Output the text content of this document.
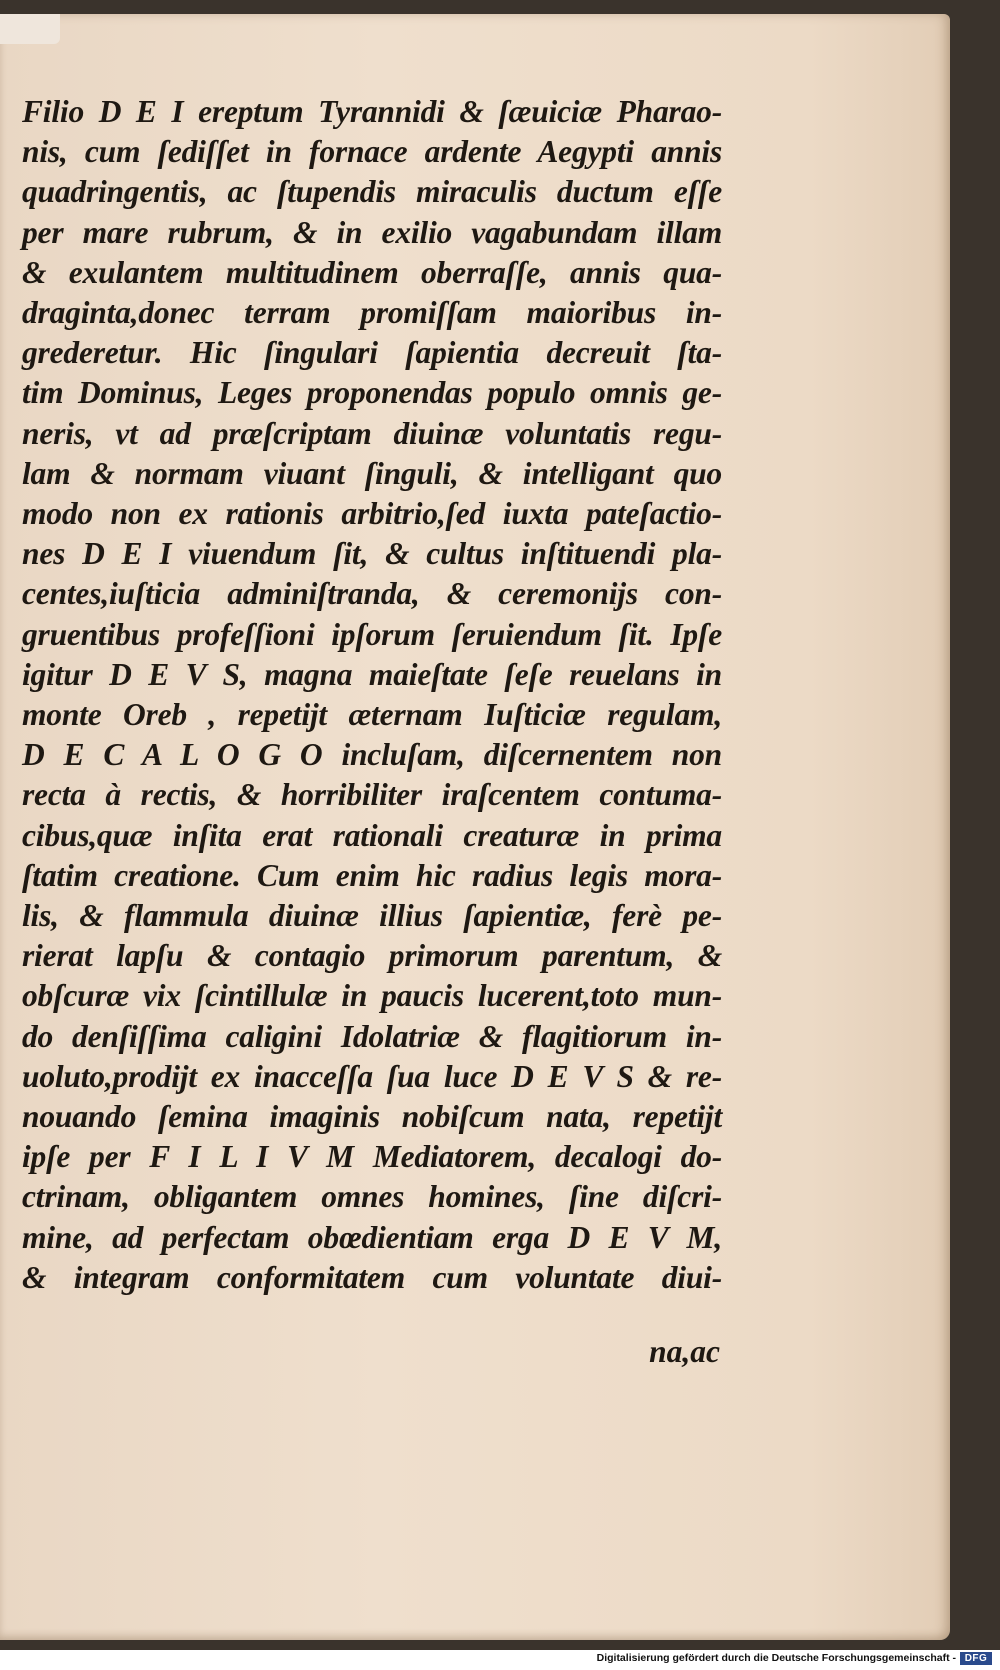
Filio D E I ereptum Tyrannidi & ſæuiciæ Pharao-
nis, cum ſediſſet in fornace ardente Aegypti annis
quadringentis, ac ſtupendis miraculis ductum eſſe
per mare rubrum, & in exilio vagabundam illam
& exulantem multitudinem oberraſſe, annis qua-
draginta,donec terram promiſſam maioribus in-
grederetur. Hic ſingulari ſapientia decreuit ſta-
tim Dominus, Leges proponendas populo omnis ge-
neris, vt ad præſcriptam diuinæ voluntatis regu-
lam & normam viuant ſinguli, & intelligant quo
modo non ex rationis arbitrio,ſed iuxta pateſactio-
nes D E I viuendum ſit, & cultus inſtituendi pla-
centes,iuſticia adminiſtranda, & ceremonijs con-
gruentibus profeſſioni ipſorum ſeruiendum ſit. Ipſe
igitur D E V S, magna maieſtate ſeſe reuelans in
monte Oreb , repetijt æternam Iuſticiæ regulam,
D E C A L O G O incluſam, diſcernentem non
recta à rectis, & horribiliter iraſcentem contuma-
cibus,quæ inſita erat rationali creaturæ in prima
ſtatim creatione. Cum enim hic radius legis mora-
lis, & flammula diuinæ illius ſapientiæ, ferè pe-
rierat lapſu & contagio primorum parentum, &
obſcuræ vix ſcintillulæ in paucis lucerent,toto mun-
do denſiſſima caligini Idolatriæ & flagitiorum in-
uoluto,prodijt ex inacceſſa ſua luce D E V S & re-
nouando ſemina imaginis nobiſcum nata, repetijt
ipſe per F I L I V M Mediatorem, decalogi do-
ctrinam, obligantem omnes homines, ſine diſcri-
mine, ad perfectam obœdientiam erga D E V M,
& integram conformitatem cum voluntate diui-
na,ac
Digitalisierung gefördert durch die Deutsche Forschungsgemeinschaft - DFG
